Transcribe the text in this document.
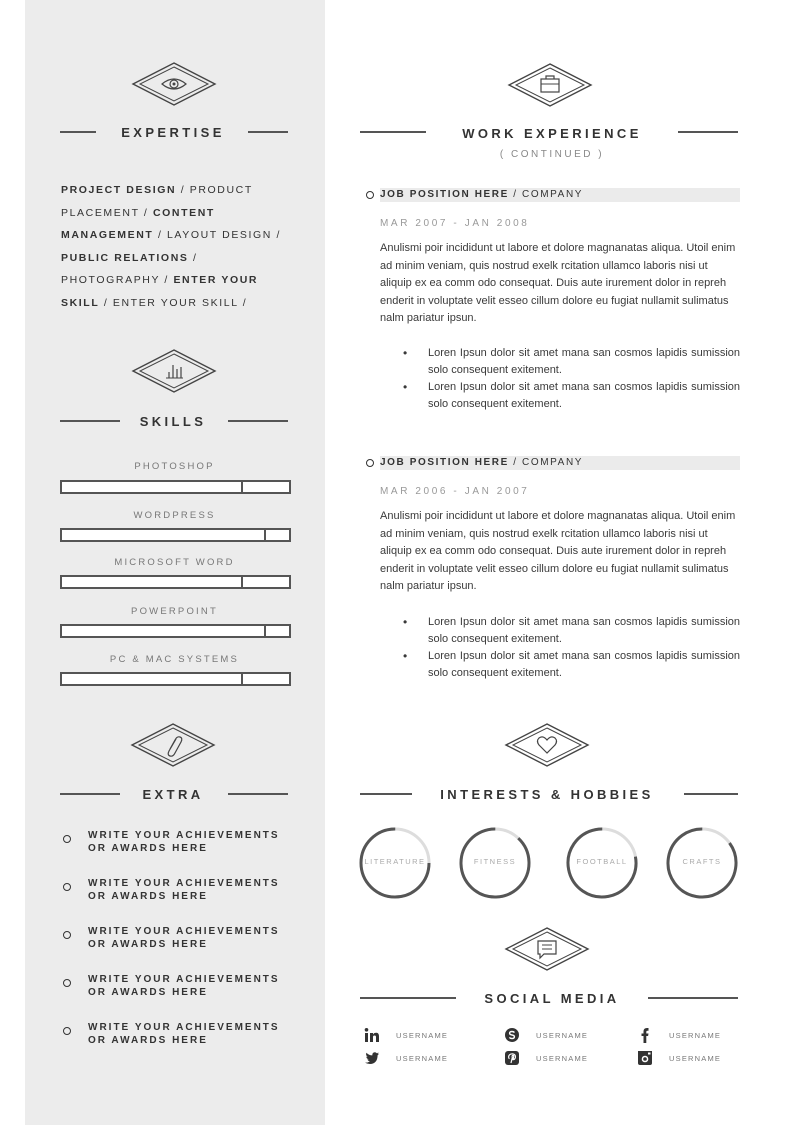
EXPERTISE
PROJECT DESIGN / PRODUCT PLACEMENT / CONTENT MANAGEMENT / LAYOUT DESIGN / PUBLIC RELATIONS / PHOTOGRAPHY / ENTER YOUR SKILL / ENTER YOUR SKILL /
SKILLS
PHOTOSHOP
WORDPRESS
MICROSOFT WORD
POWERPOINT
PC & MAC SYSTEMS
EXTRA
WRITE YOUR ACHIEVEMENTS
OR AWARDS HERE
WRITE YOUR ACHIEVEMENTS
OR AWARDS HERE
WRITE YOUR ACHIEVEMENTS
OR AWARDS HERE
WRITE YOUR ACHIEVEMENTS
OR AWARDS HERE
WRITE YOUR ACHIEVEMENTS
OR AWARDS HERE
WORK EXPERIENCE
( CONTINUED )
JOB POSITION HERE / COMPANY
MAR 2007 - JAN 2008
Anulismi poir incididunt ut labore et dolore magnanatas aliqua. Utoil enim ad minim veniam, quis nostrud exelk rcitation ullamco laboris nisi ut aliquip ex ea comm odo consequat. Duis aute irurement dolor in repreh enderit in voluptate velit esseo cillum dolore eu fugiat nullamit sulimatus nalm pariatur ipsun.
• Loren Ipsun dolor sit amet mana san cosmos lapidis sumission solo consequent exitement.
• Loren Ipsun dolor sit amet mana san cosmos lapidis sumission solo consequent exitement.
JOB POSITION HERE / COMPANY
MAR 2006 - JAN 2007
Anulismi poir incididunt ut labore et dolore magnanatas aliqua. Utoil enim ad minim veniam, quis nostrud exelk rcitation ullamco laboris nisi ut aliquip ex ea comm odo consequat. Duis aute irurement dolor in repreh enderit in voluptate velit esseo cillum dolore eu fugiat nullamit sulimatus nalm pariatur ipsun.
• Loren Ipsun dolor sit amet mana san cosmos lapidis sumission solo consequent exitement.
• Loren Ipsun dolor sit amet mana san cosmos lapidis sumission solo consequent exitement.
INTERESTS & HOBBIES
LITERATURE	FITNESS	FOOTBALL	CRAFTS
SOCIAL MEDIA
USERNAME	USERNAME	USERNAME
USERNAME	USERNAME	USERNAME
